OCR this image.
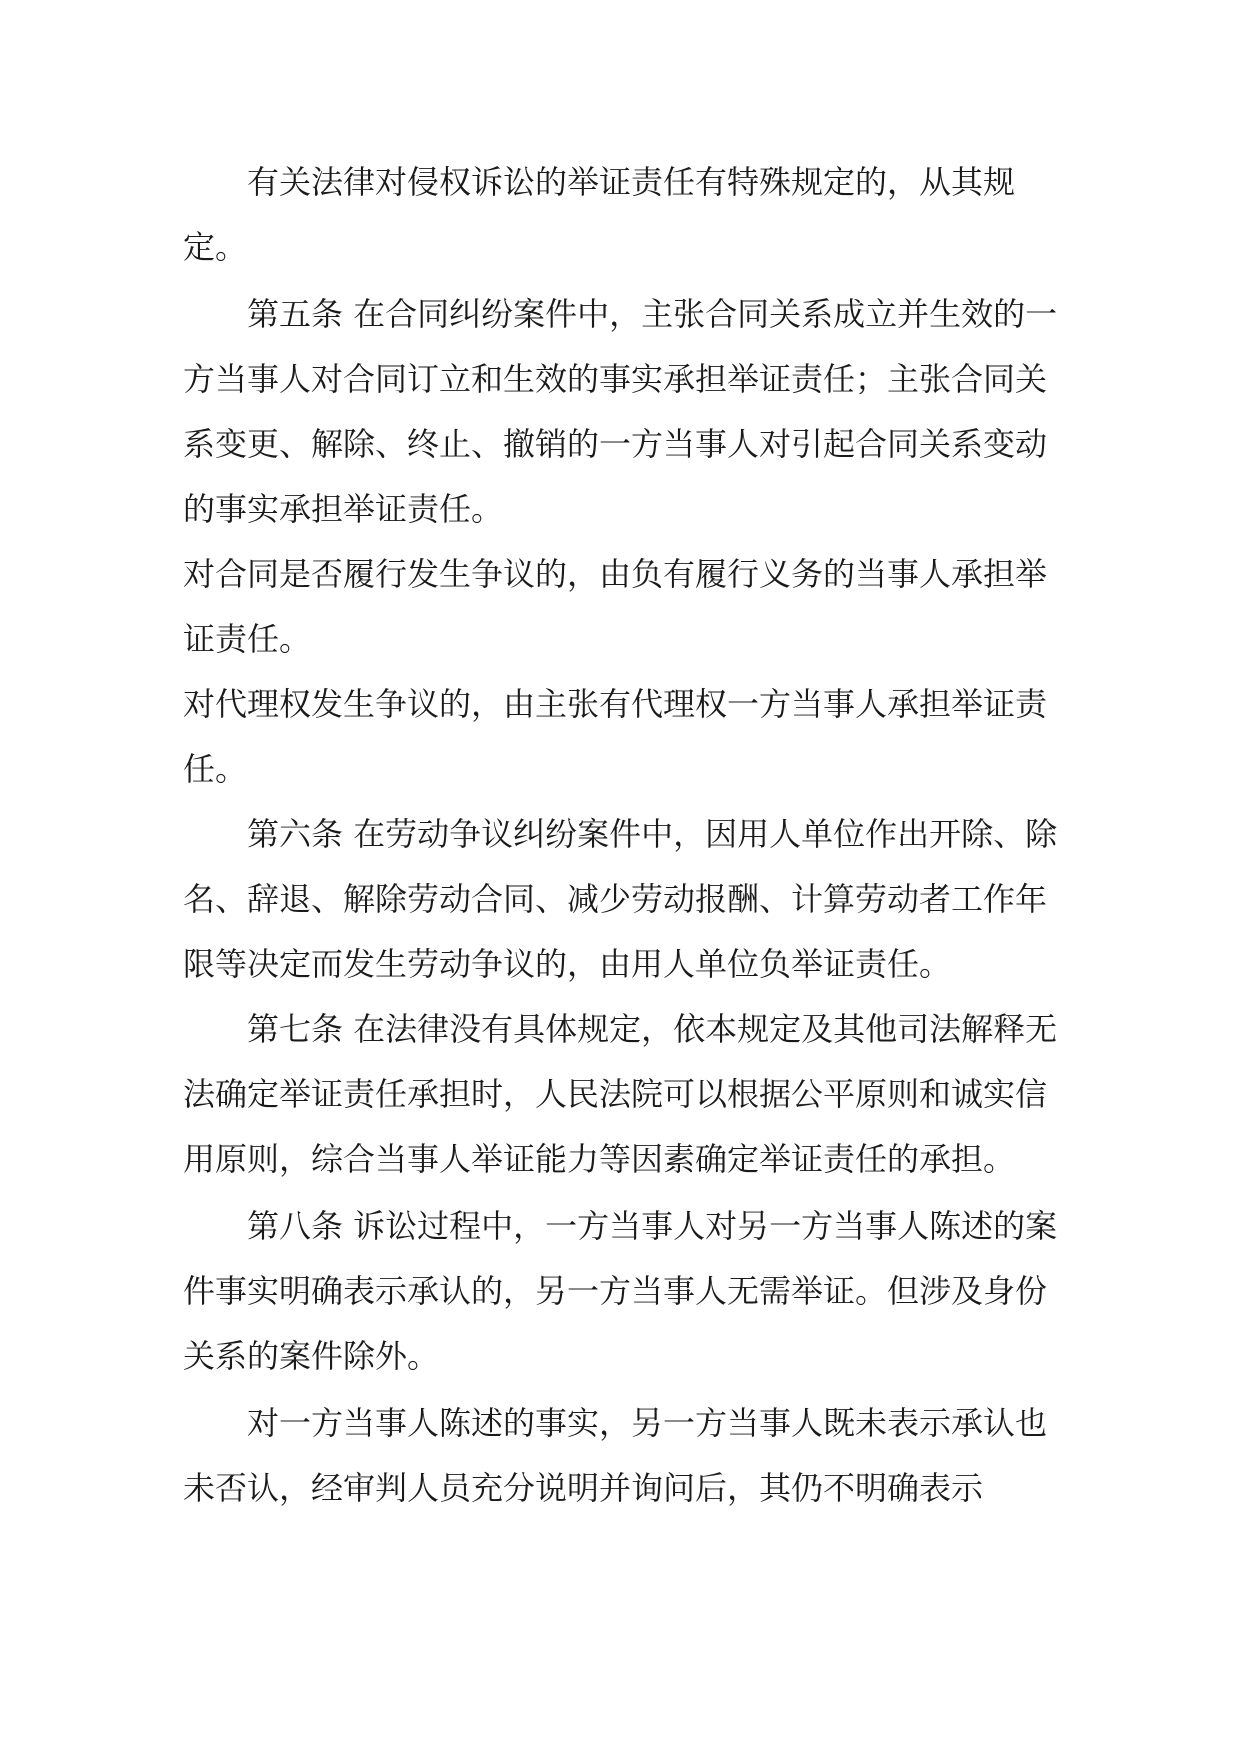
有关法律对侵权诉讼的举证责任有特殊规定的，从其规定。

第五条 在合同纠纷案件中，主张合同关系成立并生效的一方当事人对合同订立和生效的事实承担举证责任；主张合同关系变更、解除、终止、撤销的一方当事人对引起合同关系变动的事实承担举证责任。

对合同是否履行发生争议的，由负有履行义务的当事人承担举证责任。

对代理权发生争议的，由主张有代理权一方当事人承担举证责任。

第六条 在劳动争议纠纷案件中，因用人单位作出开除、除名、辞退、解除劳动合同、减少劳动报酬、计算劳动者工作年限等决定而发生劳动争议的，由用人单位负举证责任。

第七条 在法律没有具体规定，依本规定及其他司法解释无法确定举证责任承担时，人民法院可以根据公平原则和诚实信用原则，综合当事人举证能力等因素确定举证责任的承担。

第八条 诉讼过程中，一方当事人对另一方当事人陈述的案件事实明确表示承认的，另一方当事人无需举证。但涉及身份关系的案件除外。

对一方当事人陈述的事实，另一方当事人既未表示承认也未否认，经审判人员充分说明并询问后，其仍不明确表示
